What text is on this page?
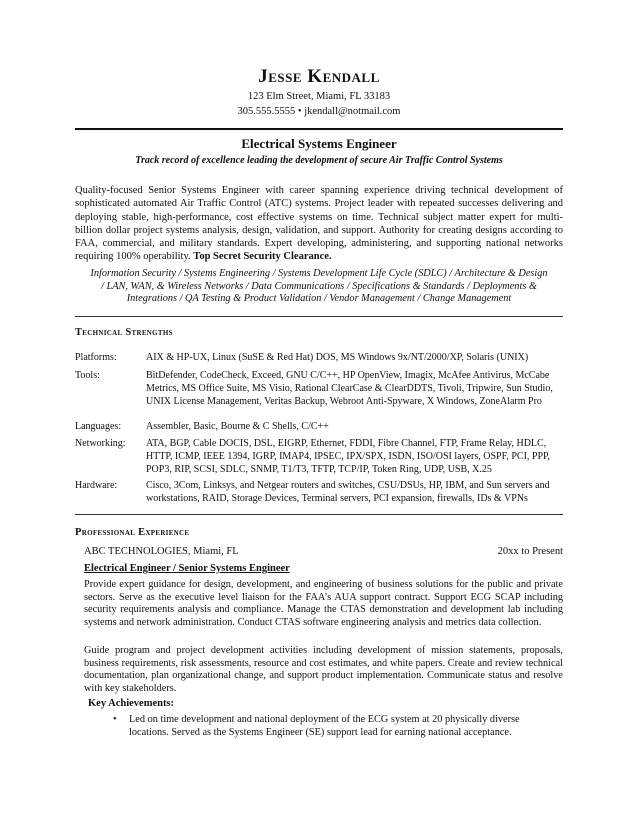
Jesse Kendall
123 Elm Street, Miami, FL 33183
305.555.5555 • jkendall@notmail.com
Electrical Systems Engineer
Track record of excellence leading the development of secure Air Traffic Control Systems
Quality-focused Senior Systems Engineer with career spanning experience driving technical development of sophisticated automated Air Traffic Control (ATC) systems. Project leader with repeated successes delivering and deploying stable, high-performance, cost effective systems on time. Technical subject matter expert for multi-billion dollar project systems analysis, design, validation, and support. Authority for creating designs according to FAA, commercial, and military standards. Expert developing, administering, and supporting national networks requiring 100% operability. Top Secret Security Clearance.
Information Security / Systems Engineering / Systems Development Life Cycle (SDLC) / Architecture & Design
/ LAN, WAN, & Wireless Networks / Data Communications / Specifications & Standards / Deployments &
Integrations / QA Testing & Product Validation / Vendor Management / Change Management
Technical Strengths
Platforms:	AIX & HP-UX, Linux (SuSE & Red Hat) DOS, MS Windows 9x/NT/2000/XP, Solaris (UNIX)
Tools:	BitDefender, CodeCheck, Exceed, GNU C/C++, HP OpenView, Imagix, McAfee Antivirus, McCabe Metrics, MS Office Suite, MS Visio, Rational ClearCase & ClearDDTS, Tivoli, Tripwire, Sun Studio, UNIX License Management, Veritas Backup, Webroot Anti-Spyware, X Windows, ZoneAlarm Pro
Languages: Assembler, Basic, Bourne & C Shells, C/C++
Networking: ATA, BGP, Cable DOCIS, DSL, EIGRP, Ethernet, FDDI, Fibre Channel, FTP, Frame Relay, HDLC, HTTP, ICMP, IEEE 1394, IGRP, IMAP4, IPSEC, IPX/SPX, ISDN, ISO/OSI layers, OSPF, PCI, PPP, POP3, RIP, SCSI, SDLC, SNMP, T1/T3, TFTP, TCP/IP, Token Ring, UDP, USB, X.25
Hardware:	Cisco, 3Com, Linksys, and Netgear routers and switches, CSU/DSUs, HP, IBM, and Sun servers and workstations, RAID, Storage Devices, Terminal servers, PCI expansion, firewalls, IDs & VPNs
Professional Experience
ABC TECHNOLOGIES, Miami, FL	20xx to Present
Electrical Engineer / Senior Systems Engineer
Provide expert guidance for design, development, and engineering of business solutions for the public and private sectors. Serve as the executive level liaison for the FAA’s AUA support contract. Support ECG SCAP including security requirements analysis and compliance. Manage the CTAS demonstration and development lab including systems and network administration. Conduct CTAS software engineering analysis and metrics data collection.
Guide program and project development activities including development of mission statements, proposals, business requirements, risk assessments, resource and cost estimates, and white papers. Create and review technical documentation, plan organizational change, and support product implementation. Communicate status and resolve with key stakeholders.
Key Achievements:
• Led on time development and national deployment of the ECG system at 20 physically diverse locations. Served as the Systems Engineer (SE) support lead for earning national acceptance.
